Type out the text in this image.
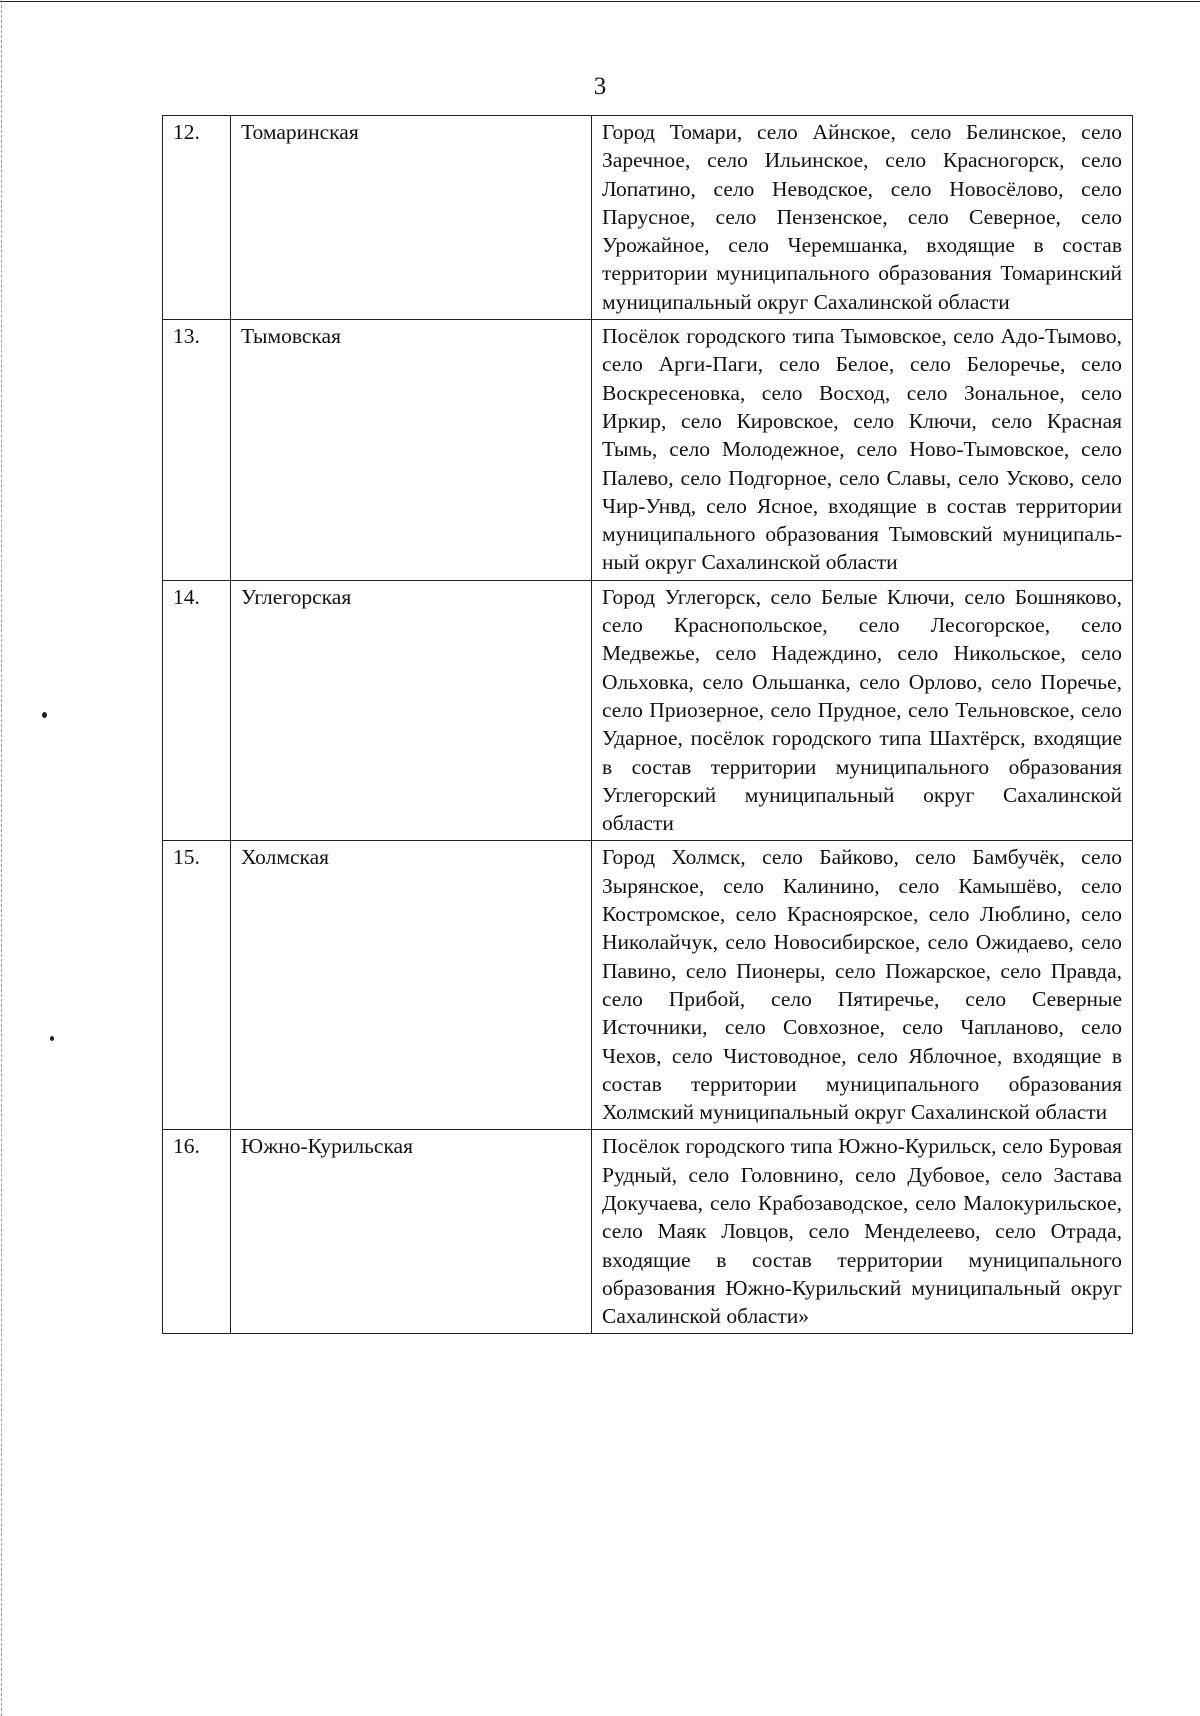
3
12.	Томаринская	Город Томари, село Айнское, село Белинское, село Заречное, село Ильинское, село Красногорск, село Лопатино, село Неводское, село Новосёлово, село Парусное, село Пензенское, село Северное, село Урожайное, село Черемшанка, входящие в состав территории муниципального образования Томаринский муниципальный округ Сахалинской области
13.	Тымовская	Посёлок городского типа Тымовское, село Адо-Тымово, село Арги-Паги, село Белое, село Белоречье, село Воскресеновка, село Восход, село Зональное, село Иркир, село Кировское, село Ключи, село Красная Тымь, село Молодежное, село Ново-Тымовское, село Палево, село Подгорное, село Славы, село Усково, село Чир-Унвд, село Ясное, входящие в состав территории муниципального образования Тымовский муниципальный округ Сахалинской области
14.	Углегорская	Город Углегорск, село Белые Ключи, село Бошняково, село Краснопольское, село Лесогорское, село Медвежье, село Надеждино, село Никольское, село Ольховка, село Ольшанка, село Орлово, село Поречье, село Приозерное, село Прудное, село Тельновское, село Ударное, посёлок городского типа Шахтёрск, входящие в состав территории муниципального образования Углегорский муниципальный округ Сахалинской области
15.	Холмская	Город Холмск, село Байково, село Бамбучёк, село Зырянское, село Калинино, село Камышёво, село Костромское, село Красноярское, село Люблино, село Николайчук, село Новосибирское, село Ожидаево, село Павино, село Пионеры, село Пожарское, село Правда, село Прибой, село Пятиречье, село Северные Источники, село Совхозное, село Чапланово, село Чехов, село Чистоводное, село Яблочное, входящие в состав территории муниципального образования Холмский муниципальный округ Сахалинской области
16.	Южно-Курильская	Посёлок городского типа Южно-Курильск, село Буровая Рудный, село Головнино, село Дубовое, село Застава Докучаева, село Крабозаводское, село Малокурильское, село Маяк Ловцов, село Менделеево, село Отрада, входящие в состав территории муниципального образования Южно-Курильский муниципальный округ Сахалинской области»
